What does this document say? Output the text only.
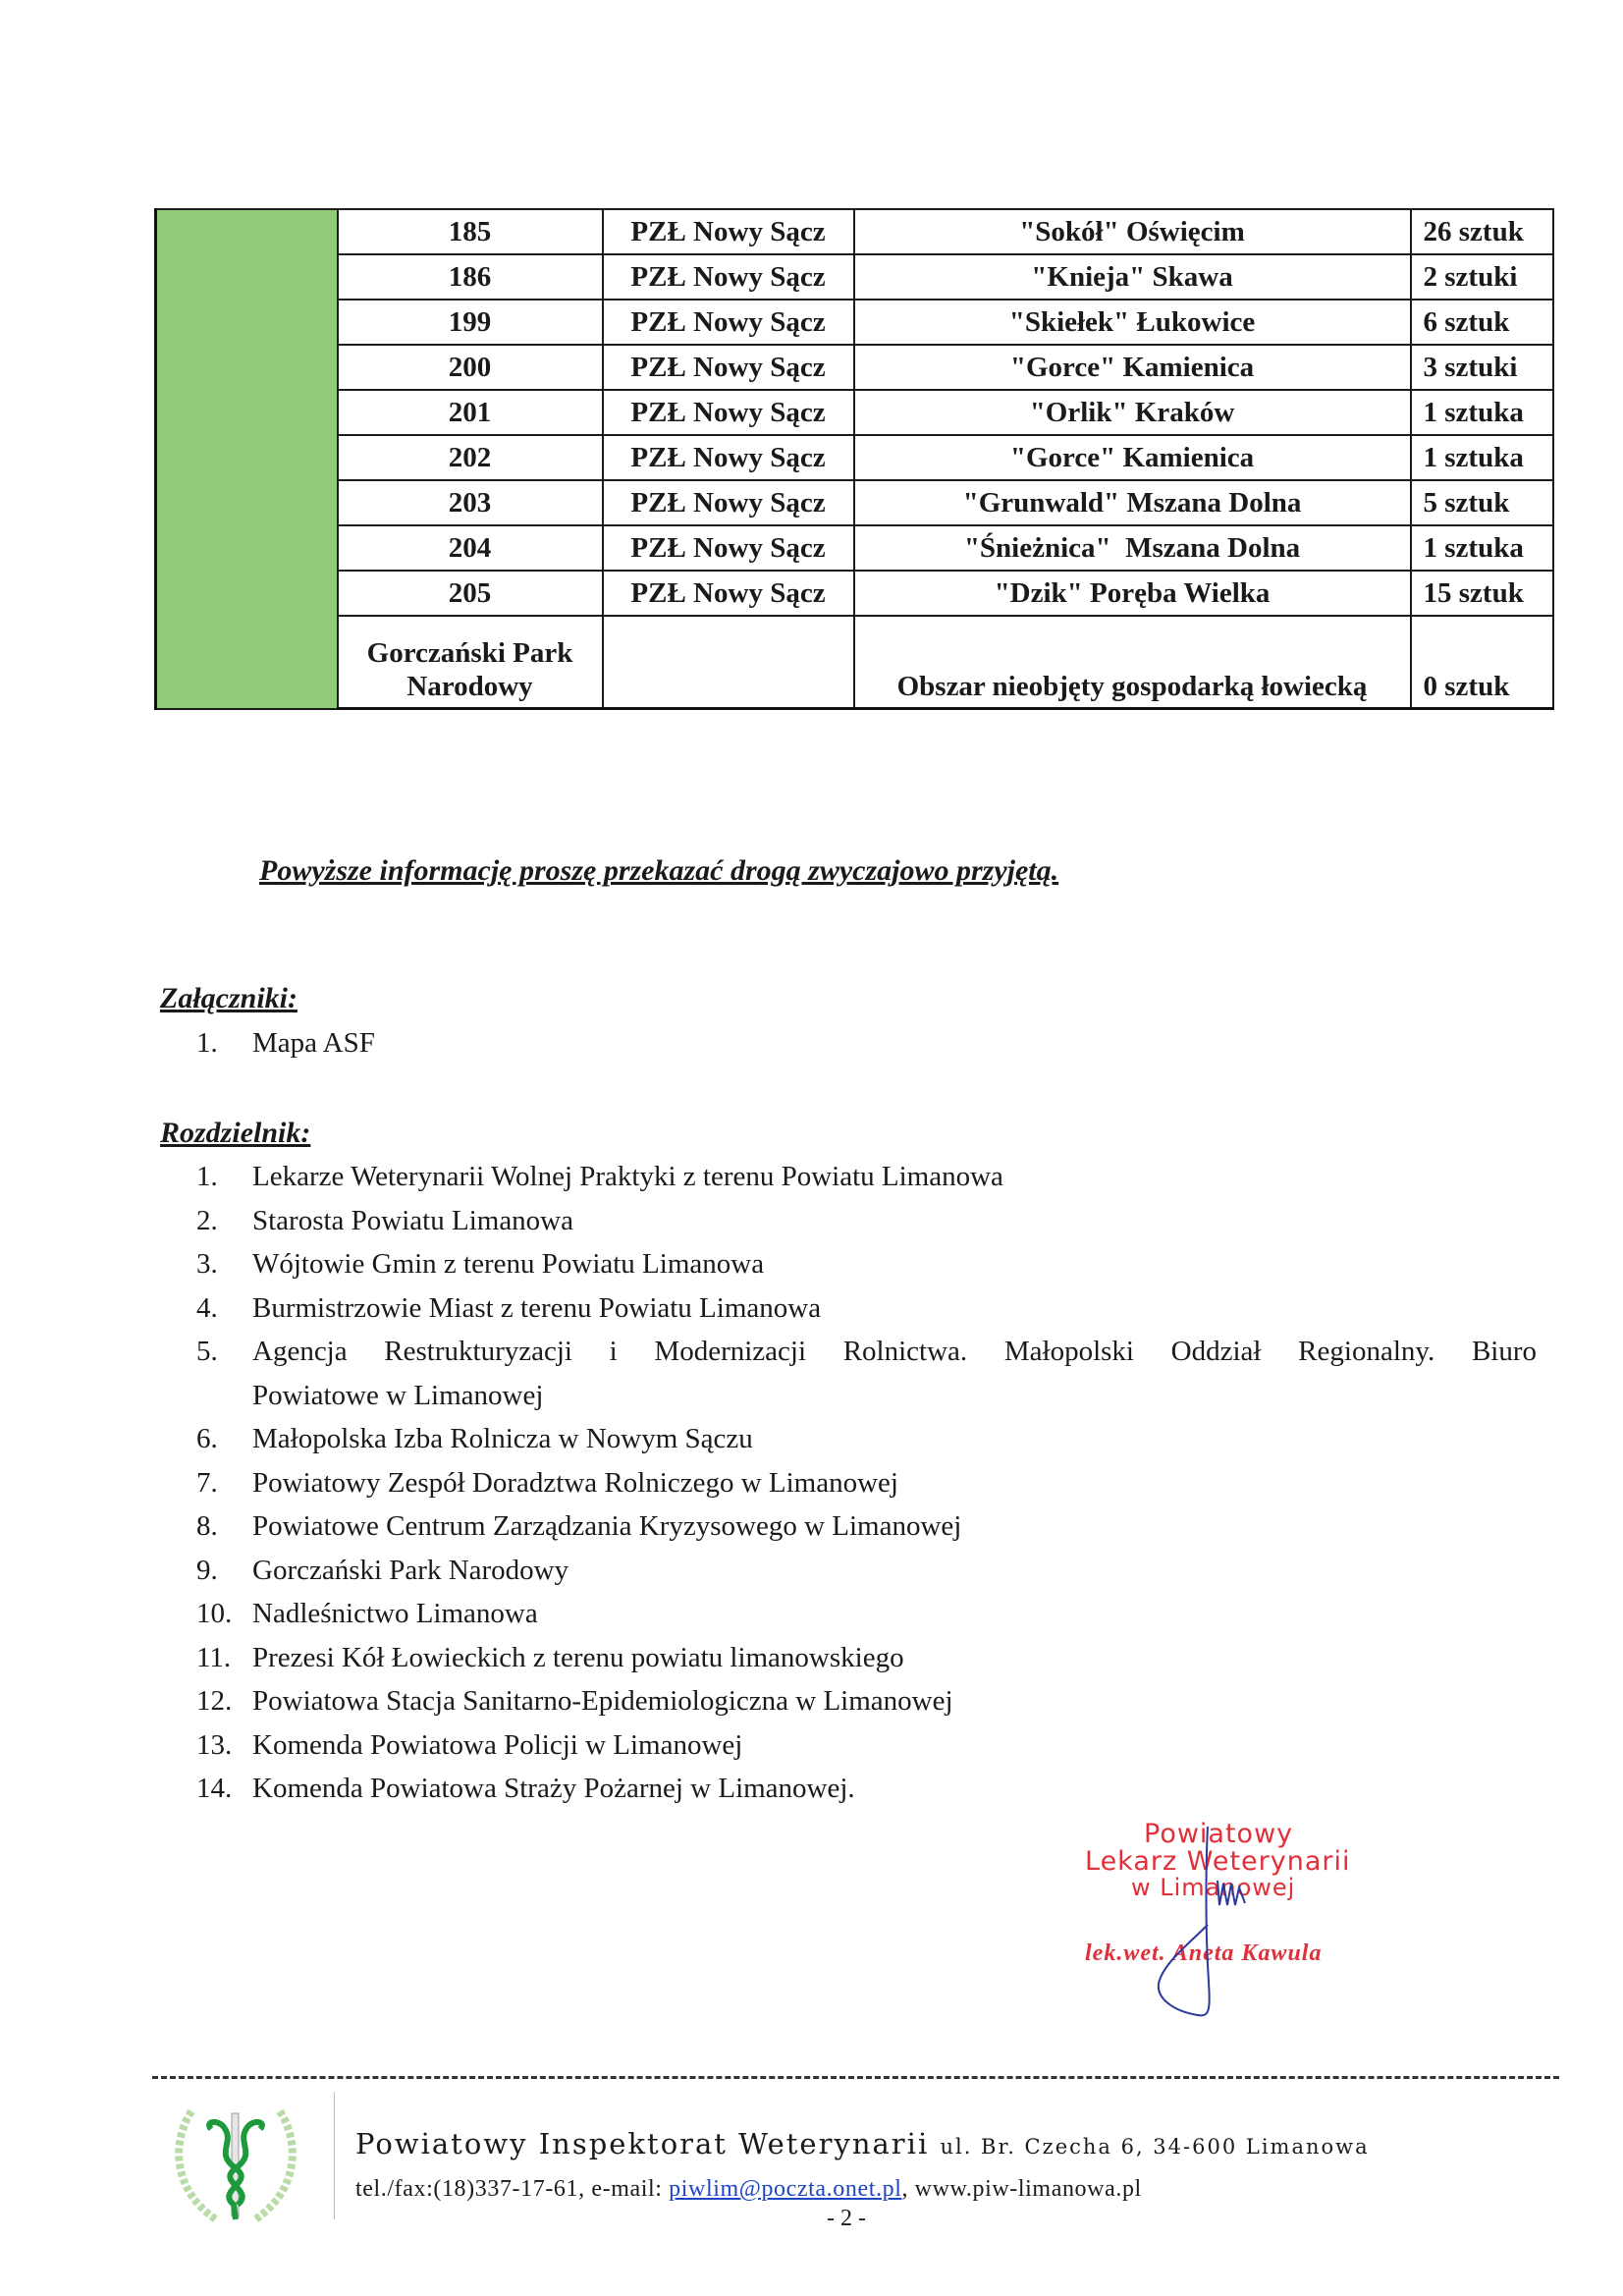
	185	PZŁ Nowy Sącz	"Sokół" Oświęcim	26 sztuk
	186	PZŁ Nowy Sącz	"Knieja" Skawa	2 sztuki
	199	PZŁ Nowy Sącz	"Skiełek" Łukowice	6 sztuk
	200	PZŁ Nowy Sącz	"Gorce" Kamienica	3 sztuki
	201	PZŁ Nowy Sącz	"Orlik" Kraków	1 sztuka
	202	PZŁ Nowy Sącz	"Gorce" Kamienica	1 sztuka
	203	PZŁ Nowy Sącz	"Grunwald" Mszana Dolna	5 sztuk
	204	PZŁ Nowy Sącz	"Śnieżnica"  Mszana Dolna	1 sztuka
	205	PZŁ Nowy Sącz	"Dzik" Poręba Wielka	15 sztuk

	Gorczański Park
Narodowy		Obszar nieobjęty gospodarką łowiecką	0 sztuk
Powyższe informację proszę przekazać drogą zwyczajowo przyjętą.
Załączniki:
1. Mapa ASF
Rozdzielnik:
1. Lekarze Weterynarii Wolnej Praktyki z terenu Powiatu Limanowa
2. Starosta Powiatu Limanowa
3. Wójtowie Gmin z terenu Powiatu Limanowa
4. Burmistrzowie Miast z terenu Powiatu Limanowa
5. Agencja Restrukturyzacji i Modernizacji Rolnictwa. Małopolski Oddział Regionalny. Biuro
Powiatowe w Limanowej
6. Małopolska Izba Rolnicza w Nowym Sączu
7. Powiatowy Zespół Doradztwa Rolniczego w Limanowej
8. Powiatowe Centrum Zarządzania Kryzysowego w Limanowej
9. Gorczański Park Narodowy
10. Nadleśnictwo Limanowa
11. Prezesi Kół Łowieckich z terenu powiatu limanowskiego
12. Powiatowa Stacja Sanitarno-Epidemiologiczna w Limanowej
13. Komenda Powiatowa Policji w Limanowej
14. Komenda Powiatowa Straży Pożarnej w Limanowej.
Powiatowy
Lekarz Weterynarii
w Limanowej
lek.wet. Aneta Kawula
Powiatowy Inspektorat Weterynarii ul. Br. Czecha 6, 34-600 Limanowa
tel./fax:(18)337-17-61, e-mail: piwlim@poczta.onet.pl, www.piw-limanowa.pl
- 2 -
